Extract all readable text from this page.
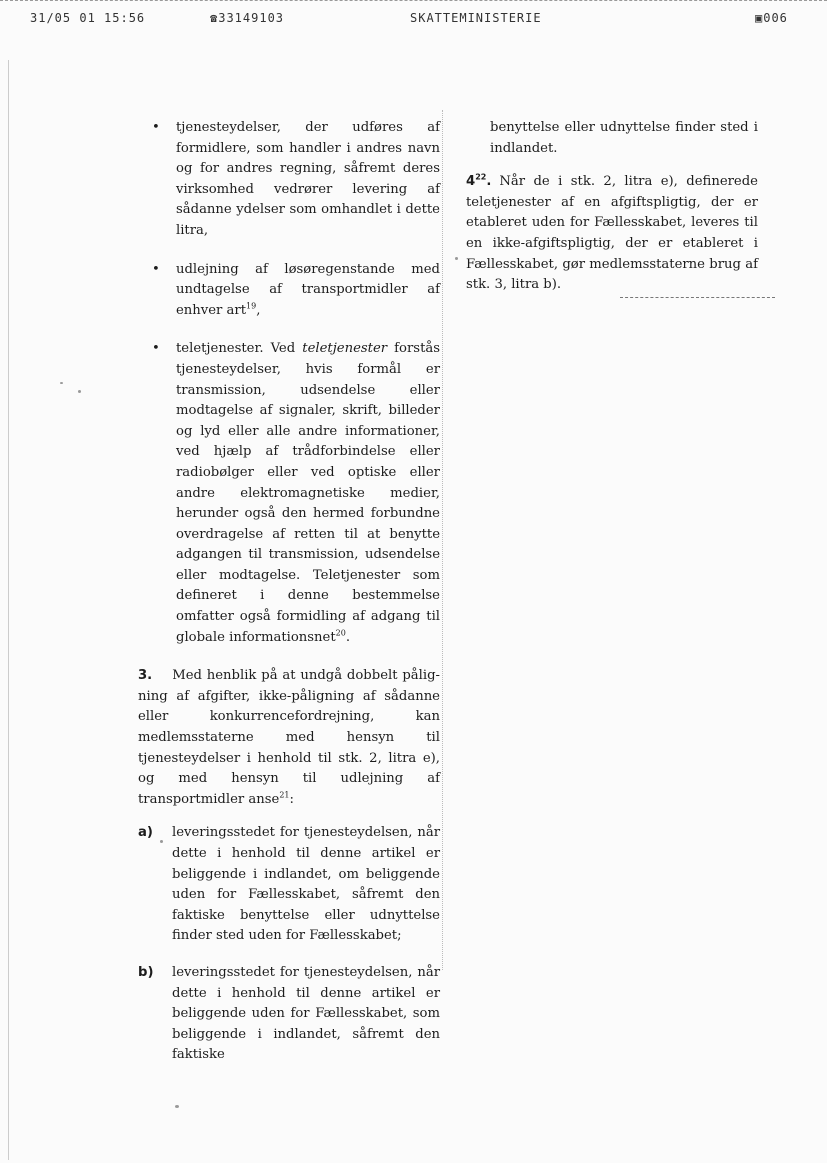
31/05 01 15:56	☎33149103	SKATTEMINISTERIE	▣006
• tjenesteydelser, der udføres af formidlere, som handler i andres navn og for andres regning, såfremt deres virksomhed vedrører levering af sådanne ydelser som omhandlet i dette litra,
• udlejning af løsøregenstande med undtagelse af transportmidler af enhver art$^{19}$,
• teletjenester. Ved teletjenester forstås tjenesteydelser, hvis formål er transmission, udsendelse eller modtagelse af signaler, skrift, billeder og lyd eller alle andre informationer, ved hjælp af trådforbindelse eller radiobølger eller ved optiske eller andre elektromagnetiske medier, herunder også den hermed forbundne overdragelse af retten til at benytte adgangen til transmission, udsendelse eller modtagelse. Teletjenester som defineret i denne bestemmelse omfatter også formidling af adgang til globale informationsnet$^{20}$.
3. Med henblik på at undgå dobbelt påligning af afgifter, ikke-påligning af sådanne eller konkurrencefordrejning, kan medlemsstaterne med hensyn til tjenesteydelser i henhold til stk. 2, litra e), og med hensyn til udlejning af transportmidler anse$^{21}$:
a) leveringsstedet for tjenesteydelsen, når dette i henhold til denne artikel er beliggende i indlandet, om beliggende uden for Fællesskabet, såfremt den faktiske benyttelse eller udnyttelse finder sted uden for Fællesskabet;
b) leveringsstedet for tjenesteydelsen, når dette i henhold til denne artikel er beliggende uden for Fællesskabet, som beliggende i indlandet, såfremt den faktiske
benyttelse eller udnyttelse finder sted i indlandet.
$4^{22}$. Når de i stk. 2, litra e), definerede teletjenester af en afgiftspligtig, der er etableret uden for Fællesskabet, leveres til en ikke-afgiftspligtig, der er etableret i Fællesskabet, gør medlemsstaterne brug af stk. 3, litra b).
